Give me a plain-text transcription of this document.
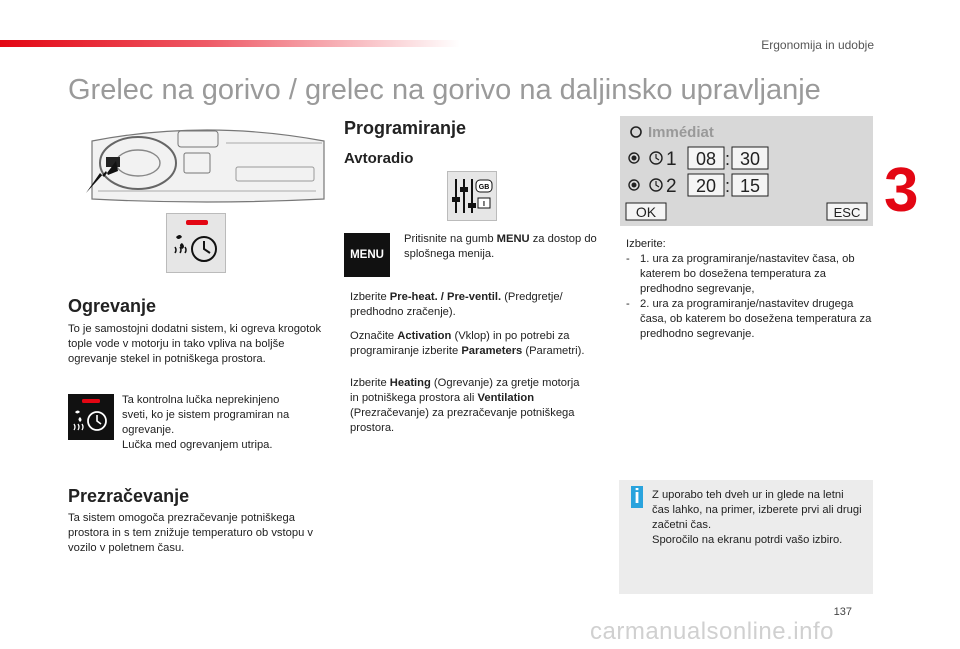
Ergonomija in udobje
3
Grelec na gorivo / grelec na gorivo na daljinsko upravljanje
Ogrevanje
To je samostojni dodatni sistem, ki ogreva krogotok tople vode v motorju in tako vpliva na boljše ogrevanje stekel in potniškega prostora.
Ta kontrolna lučka neprekinjeno sveti, ko je sistem programiran na ogrevanje.
Lučka med ogrevanjem utripa.
Prezračevanje
Ta sistem omogoča prezračevanje potniškega prostora in s tem znižuje temperaturo ob vstopu v vozilo v poletnem času.
Programiranje
Avtoradio
GB
I
MENU
Pritisnite na gumb MENU za dostop do splošnega menija.
Izberite Pre-heat. / Pre-ventil. (Predgretje/ predhodno zračenje).
Označite Activation (Vklop) in po potrebi za programiranje izberite Parameters (Parametri).
Izberite Heating (Ogrevanje) za gretje motorja in potniškega prostora ali Ventilation (Prezračevanje) za prezračevanje potniškega prostora.
Immédiat
1 08 : 30
2 20 : 15
OK	ESC
Izberite:
- 1. ura za programiranje/nastavitev časa, ob katerem bo dosežena temperatura za predhodno segrevanje,
- 2. ura za programiranje/nastavitev drugega časa, ob katerem bo dosežena temperatura za predhodno segrevanje.
i Z uporabo teh dveh ur in glede na letni čas lahko, na primer, izberete prvi ali drugi začetni čas.
Sporočilo na ekranu potrdi vašo izbiro.
137
carmanualsonline.info
